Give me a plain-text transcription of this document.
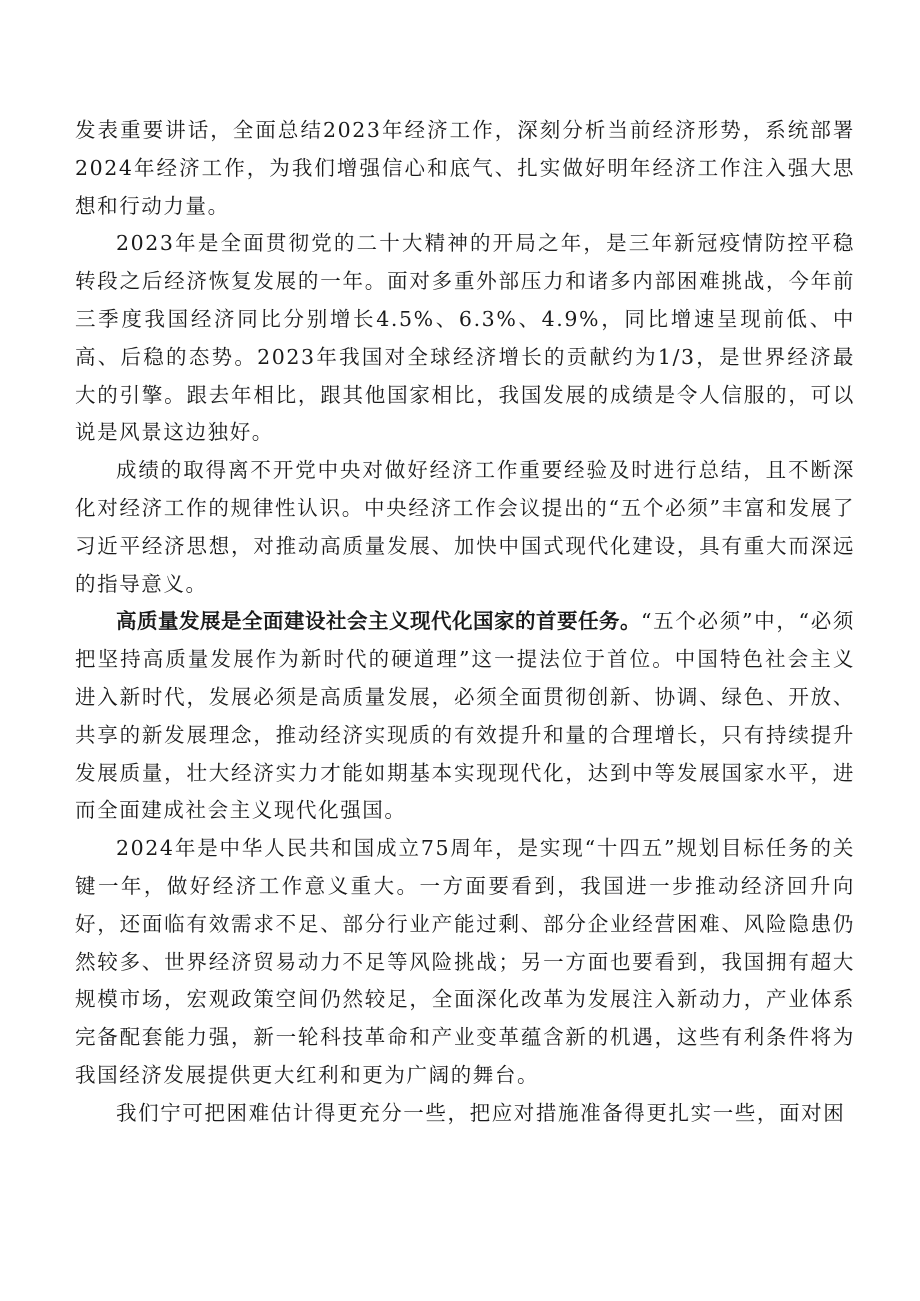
发表重要讲话，全面总结2023年经济工作，深刻分析当前经济形势，系统部署2024年经济工作，为我们增强信心和底气、扎实做好明年经济工作注入强大思想和行动力量。

2023年是全面贯彻党的二十大精神的开局之年，是三年新冠疫情防控平稳转段之后经济恢复发展的一年。面对多重外部压力和诸多内部困难挑战，今年前三季度我国经济同比分别增长4.5%、6.3%、4.9%，同比增速呈现前低、中高、后稳的态势。2023年我国对全球经济增长的贡献约为1/3，是世界经济最大的引擎。跟去年相比，跟其他国家相比，我国发展的成绩是令人信服的，可以说是风景这边独好。

成绩的取得离不开党中央对做好经济工作重要经验及时进行总结，且不断深化对经济工作的规律性认识。中央经济工作会议提出的“五个必须”丰富和发展了习近平经济思想，对推动高质量发展、加快中国式现代化建设，具有重大而深远的指导意义。

高质量发展是全面建设社会主义现代化国家的首要任务。“五个必须”中，“必须把坚持高质量发展作为新时代的硬道理”这一提法位于首位。中国特色社会主义进入新时代，发展必须是高质量发展，必须全面贯彻创新、协调、绿色、开放、共享的新发展理念，推动经济实现质的有效提升和量的合理增长，只有持续提升发展质量，壮大经济实力才能如期基本实现现代化，达到中等发展国家水平，进而全面建成社会主义现代化强国。

2024年是中华人民共和国成立75周年，是实现“十四五”规划目标任务的关键一年，做好经济工作意义重大。一方面要看到，我国进一步推动经济回升向好，还面临有效需求不足、部分行业产能过剩、部分企业经营困难、风险隐患仍然较多、世界经济贸易动力不足等风险挑战；另一方面也要看到，我国拥有超大规模市场，宏观政策空间仍然较足，全面深化改革为发展注入新动力，产业体系完备配套能力强，新一轮科技革命和产业变革蕴含新的机遇，这些有利条件将为我国经济发展提供更大红利和更为广阔的舞台。

我们宁可把困难估计得更充分一些，把应对措施准备得更扎实一些，面对困
